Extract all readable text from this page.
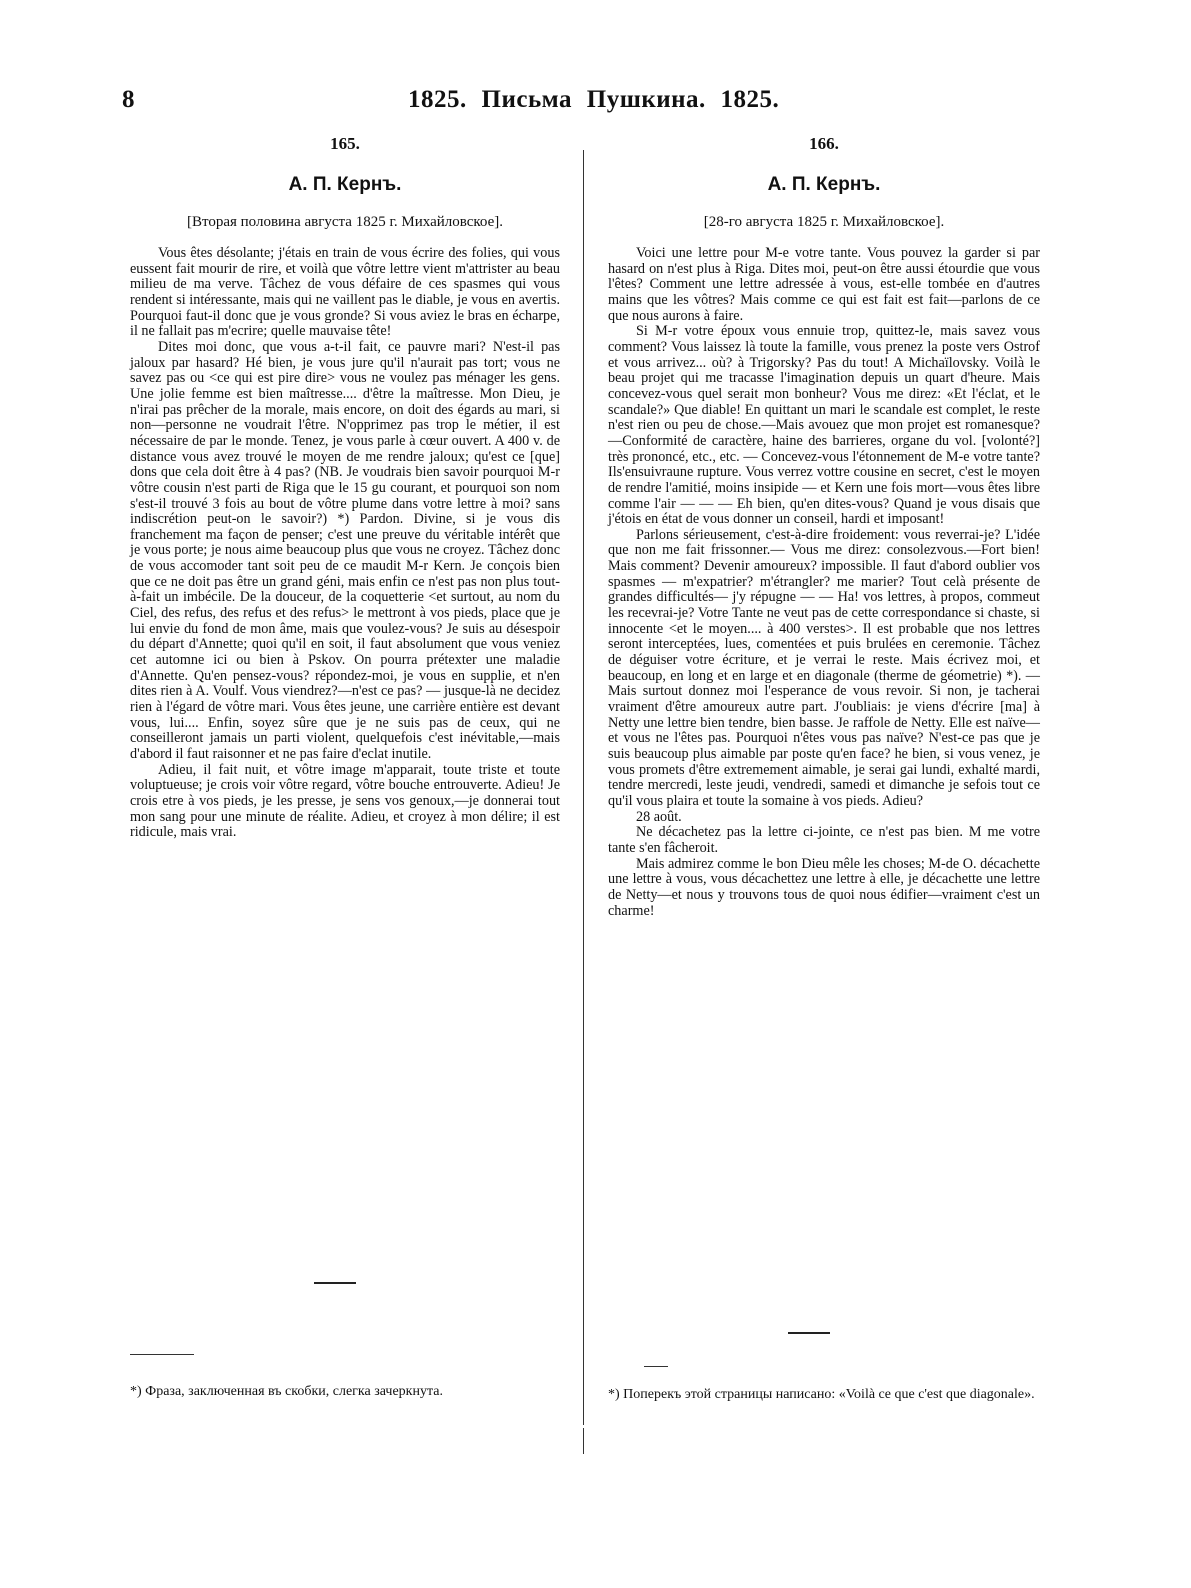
8	1825. Письма Пушкина. 1825.
165.
А. П. Кернъ.
[Вторая половина августа 1825 г. Михайловское].

Vous êtes désolante; j'étais en train de vous écrire des folies, qui vous eussent fait mourir de rire, et voilà que vôtre lettre vient m'attrister au beau milieu de ma verve. Tâchez de vous défaire de ces spasmes qui vous rendent si intéressante, mais qui ne vaillent pas le diable, je vous en avertis. Pourquoi faut-il donc que je vous gronde? Si vous aviez le bras en écharpe, il ne fallait pas m'ecrire; quelle mauvaise tête!

Dites moi donc, que vous a-t-il fait, ce pauvre mari? N'est-il pas jaloux par hasard? Hé bien, je vous jure qu'il n'aurait pas tort; vous ne savez pas ou <ce qui est pire dire> vous ne voulez pas ménager les gens. Une jolie femme est bien maîtresse.... d'être la maîtresse. Mon Dieu, je n'irai pas prêcher de la morale, mais encore, on doit des égards au mari, si non—personne ne voudrait l'être. N'opprimez pas trop le métier, il est nécessaire de par le monde. Tenez, je vous parle à cœur ouvert. A 400 v. de distance vous avez trouvé le moyen de me rendre jaloux; qu'est ce [que] dons que cela doit être à 4 pas? (NB. Je voudrais bien savoir pourquoi M-r vôtre cousin n'est parti de Riga que le 15 gu courant, et pourquoi son nom s'est-il trouvé 3 fois au bout de vôtre plume dans votre lettre à moi? sans indiscrétion peut-on le savoir?) *) Pardon. Divine, si je vous dis franchement ma façon de penser; c'est une preuve du véritable intérêt que je vous porte; je nous aime beaucoup plus que vous ne croyez. Tâchez donc de vous accomoder tant soit peu de ce maudit M-r Kern. Je conçois bien que ce ne doit pas être un grand géni, mais enfin ce n'est pas non plus tout-à-fait un imbécile. De la douceur, de la coquetterie <et surtout, au nom du Ciel, des refus, des refus et des refus> le mettront à vos pieds, place que je lui envie du fond de mon âme, mais que voulez-vous? Je suis au désespoir du départ d'Annette; quoi qu'il en soit, il faut absolument que vous veniez cet automne ici ou bien à Pskov. On pourra prétexter une maladie d'Annette. Qu'en pensez-vous? répondez-moi, je vous en supplie, et n'en dites rien à A. Voulf. Vous viendrez?—n'est ce pas? — jusque-là ne decidez rien à l'égard de vôtre mari. Vous êtes jeune, une carrière entière est devant vous, lui.... Enfin, soyez sûre que je ne suis pas de ceux, qui ne conseilleront jamais un parti violent, quelquefois c'est inévitable,—mais d'abord il faut raisonner et ne pas faire d'eclat inutile.

Adieu, il fait nuit, et vôtre image m'apparait, toute triste et toute voluptueuse; je crois voir vôtre regard, vôtre bouche entrouverte. Adieu! Je crois etre à vos pieds, je les presse, je sens vos genoux,—je donnerai tout mon sang pour une minute de réalite. Adieu, et croyez à mon délire; il est ridicule, mais vrai.

*) Фраза, заключенная въ скобки, слегка зачеркнута.
166.
А. П. Кернъ.
[28-го августа 1825 г. Михайловское].

Voici une lettre pour M-e votre tante. Vous pouvez la garder si par hasard on n'est plus à Riga. Dites moi, peut-on être aussi étourdie que vous l'êtes? Comment une lettre adressée à vous, est-elle tombée en d'autres mains que les vôtres? Mais comme ce qui est fait est fait—parlons de ce que nous aurons à faire.

Si M-r votre époux vous ennuie trop, quittez-le, mais savez vous comment? Vous laissez là toute la famille, vous prenez la poste vers Ostrof et vous arrivez... où? à Trigorsky? Pas du tout! A Michaïlovsky. Voilà le beau projet qui me tracasse l'imagination depuis un quart d'heure. Mais concevez-vous quel serait mon bonheur? Vous me direz: «Et l'éclat, et le scandale?» Que diable! En quittant un mari le scandale est complet, le reste n'est rien ou peu de chose.—Mais avouez que mon projet est romanesque?—Conformité de caractère, haine des barrieres, organe du vol. [volonté?] très prononcé, etc., etc. — Concevez-vous l'étonnement de M-e votre tante? Ils'ensuivraune rupture. Vous verrez vottre cousine en secret, c'est le moyen de rendre l'amitié, moins insipide — et Kern une fois mort—vous êtes libre comme l'air — — — Eh bien, qu'en dites-vous? Quand je vous disais que j'étois en état de vous donner un conseil, hardi et imposant!

Parlons sérieusement, c'est-à-dire froidement: vous reverrai-je? L'idée que non me fait frissonner.— Vous me direz: consolezvous.—Fort bien! Mais comment? Devenir amoureux? impossible. Il faut d'abord oublier vos spasmes — m'expatrier? m'étrangler? me marier? Tout celà présente de grandes difficultés— j'y répugne — — Ha! vos lettres, à propos, commeut les recevrai-je? Votre Tante ne veut pas de cette correspondance si chaste, si innocente <et le moyen.... à 400 verstes>. Il est probable que nos lettres seront interceptées, lues, comentées et puis brulées en ceremonie. Tâchez de déguiser votre écriture, et je verrai le reste. Mais écrivez moi, et beaucoup, en long et en large et en diagonale (therme de géometrie) *). — Mais surtout donnez moi l'esperance de vous revoir. Si non, je tacherai vraiment d'être amoureux autre part. J'oubliais: je viens d'écrire [ma] à Netty une lettre bien tendre, bien basse. Je raffole de Netty. Elle est naïve— et vous ne l'êtes pas. Pourquoi n'êtes vous pas naïve? N'est-ce pas que je suis beaucoup plus aimable par poste qu'en face? he bien, si vous venez, je vous promets d'être extremement aimable, je serai gai lundi, exhalté mardi, tendre mercredi, leste jeudi, vendredi, samedi et dimanche je sefois tout ce qu'il vous plaira et toute la somaine à vos pieds. Adieu?

28 août.

Ne décachetez pas la lettre ci-jointe, ce n'est pas bien. M me votre tante s'en fâcheroit.

Mais admirez comme le bon Dieu mêle les choses; M-de O. décachette une lettre à vous, vous décachettez une lettre à elle, je décachette une lettre de Netty—et nous y trouvons tous de quoi nous édifier—vraiment c'est un charme!

*) Поперекъ этой страницы написано: «Voilà ce que c'est que diagonale».
